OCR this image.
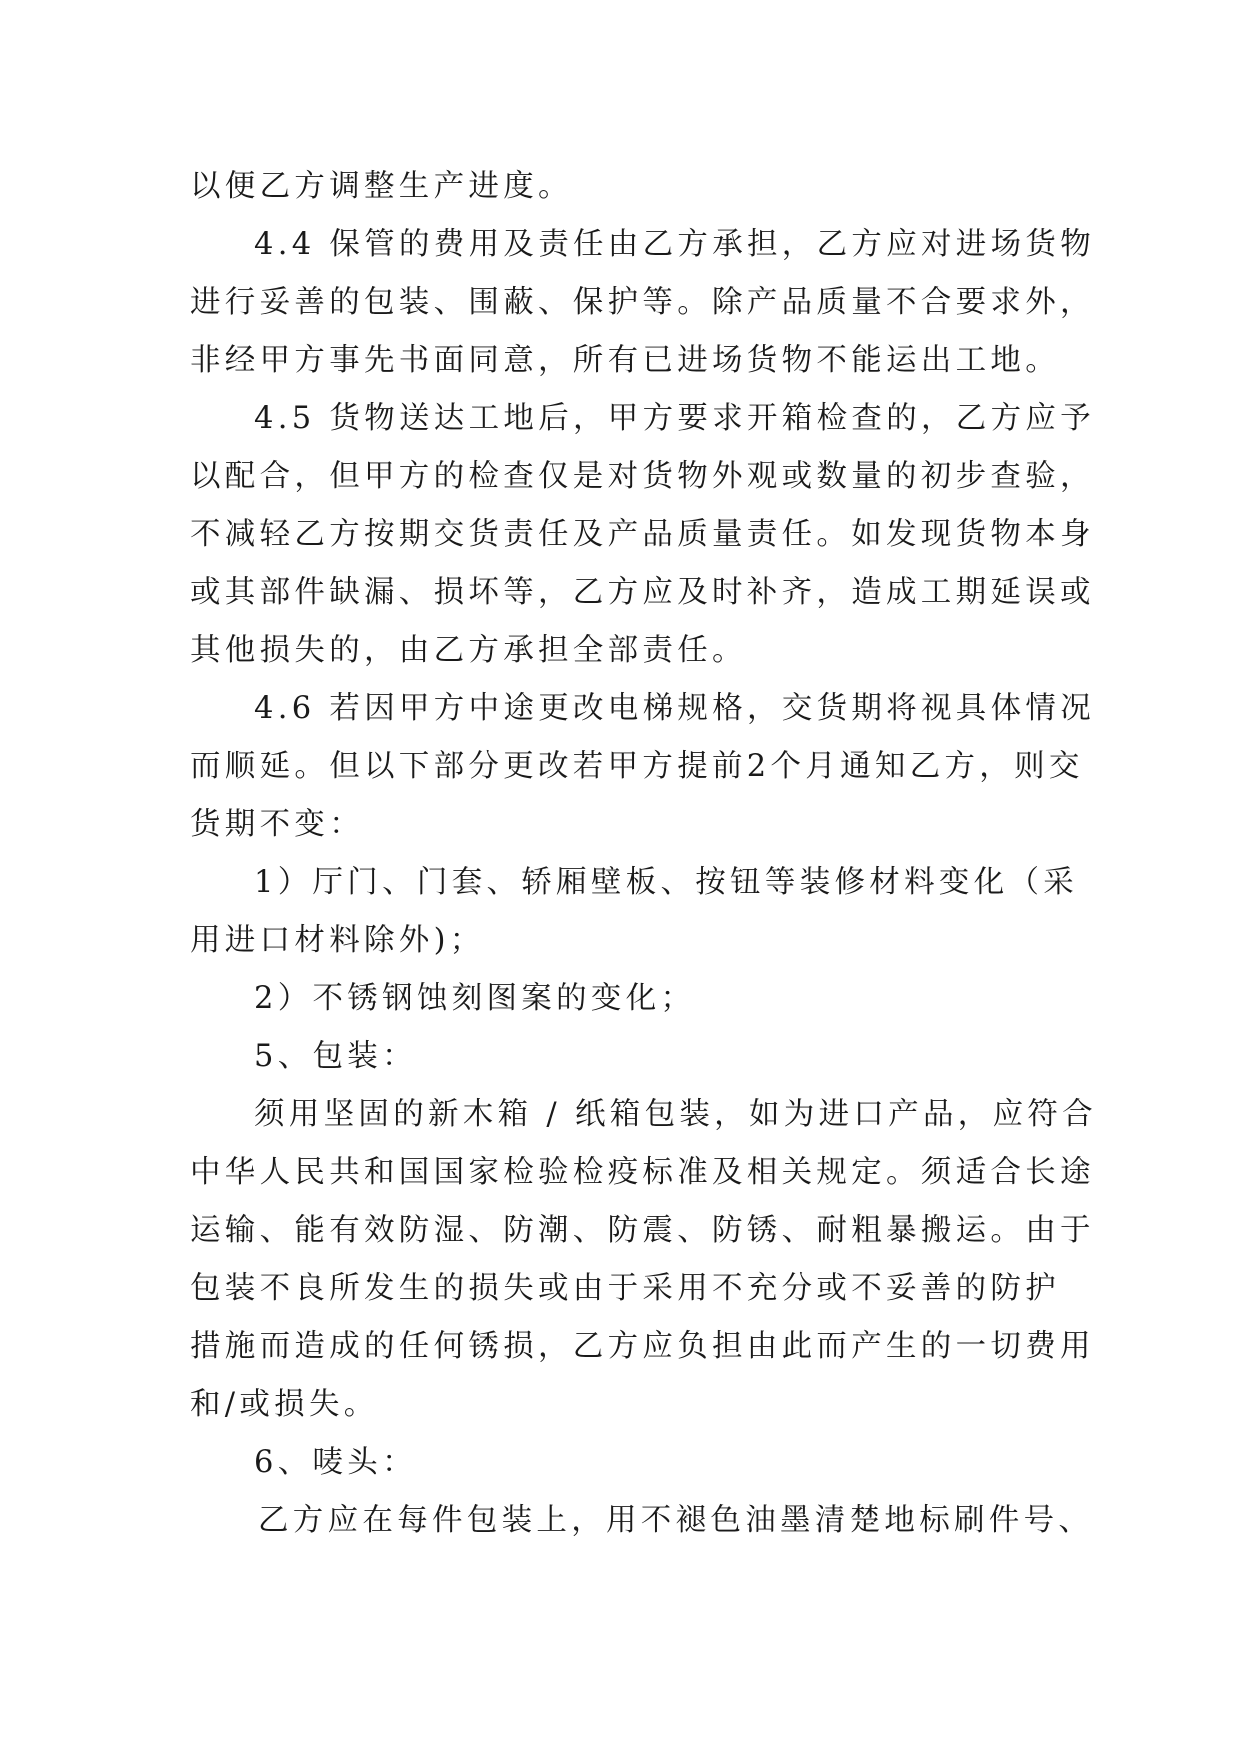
以便乙方调整生产进度。
4.4 保管的费用及责任由乙方承担，乙方应对进场货物
进行妥善的包装、围蔽、保护等。除产品质量不合要求外，
非经甲方事先书面同意，所有已进场货物不能运出工地。
4.5 货物送达工地后，甲方要求开箱检查的，乙方应予
以配合，但甲方的检查仅是对货物外观或数量的初步查验，
不减轻乙方按期交货责任及产品质量责任。如发现货物本身
或其部件缺漏、损坏等，乙方应及时补齐，造成工期延误或
其他损失的，由乙方承担全部责任。
4.6 若因甲方中途更改电梯规格，交货期将视具体情况
而顺延。但以下部分更改若甲方提前2个月通知乙方，则交
货期不变：
1）厅门、门套、轿厢壁板、按钮等装修材料变化（采
用进口材料除外)；
2）不锈钢蚀刻图案的变化；
5、包装：
须用坚固的新木箱 / 纸箱包装，如为进口产品，应符合
中华人民共和国国家检验检疫标准及相关规定。须适合长途
运输、能有效防湿、防潮、防震、防锈、耐粗暴搬运。由于
包装不良所发生的损失或由于采用不充分或不妥善的防护
措施而造成的任何锈损，乙方应负担由此而产生的一切费用
和/或损失。
6、唛头：
乙方应在每件包装上，用不褪色油墨清楚地标刷件号、
